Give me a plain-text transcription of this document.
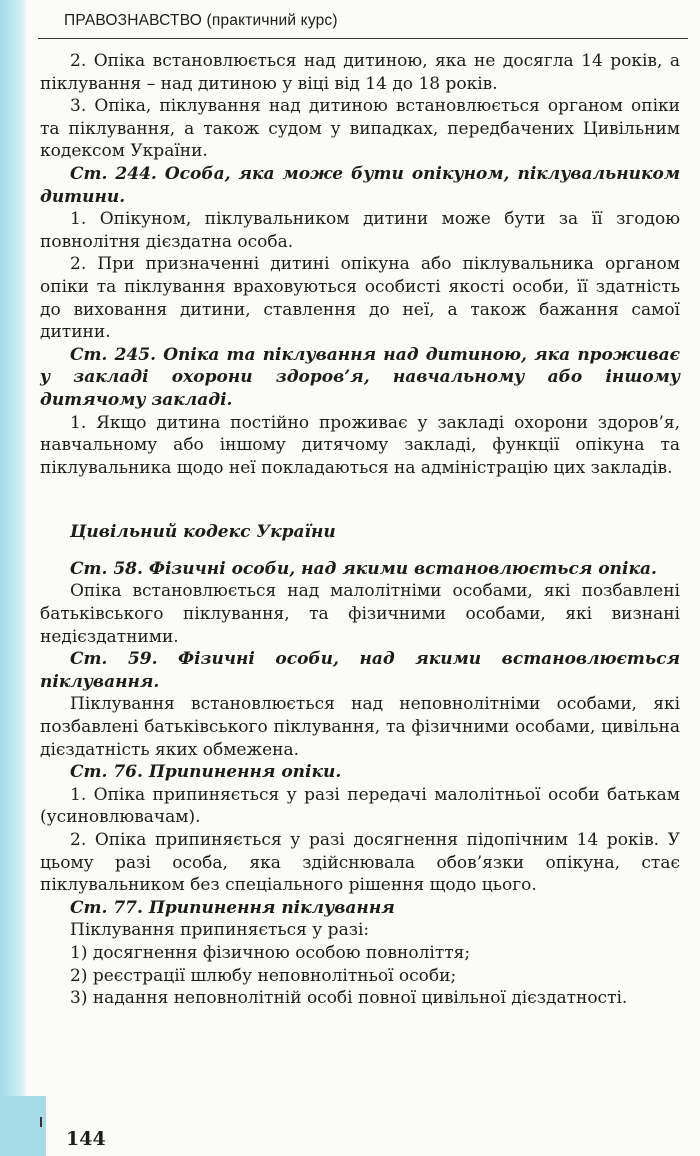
ПРАВОЗНАВСТВО (практичний курс)

2. Опіка встановлюється над дитиною, яка не досягла 14 років, а піклування – над дитиною у віці від 14 до 18 років.

3. Опіка, піклування над дитиною встановлюється органом опіки та піклування, а також судом у випадках, передбачених Цивільним кодексом України.

Ст. 244. Особа, яка може бути опікуном, піклувальником дитини.

1. Опікуном, піклувальником дитини може бути за її згодою повнолітня дієздатна особа.

2. При призначенні дитині опікуна або піклувальника органом опіки та піклування враховуються особисті якості особи, її здатність до виховання дитини, ставлення до неї, а також бажання самої дитини.

Ст. 245. Опіка та піклування над дитиною, яка проживає у закладі охорони здоров’я, навчальному або іншому дитячому закладі.

1. Якщо дитина постійно проживає у закладі охорони здоров’я, навчальному або іншому дитячому закладі, функції опікуна та піклувальника щодо неї покладаються на адміністрацію цих закладів.

Цивільний кодекс України

Ст. 58. Фізичні особи, над якими встановлюється опіка.

Опіка встановлюється над малолітніми особами, які позбавлені батьківського піклування, та фізичними особами, які визнані недієздатними.

Ст. 59. Фізичні особи, над якими встановлюється піклування.

Піклування встановлюється над неповнолітніми особами, які позбавлені батьківського піклування, та фізичними особами, цивільна дієздатність яких обмежена.

Ст. 76. Припинення опіки.

1. Опіка припиняється у разі передачі малолітньої особи батькам (усиновлювачам).

2. Опіка припиняється у разі досягнення підопічним 14 років. У цьому разі особа, яка здійснювала обов’язки опікуна, стає піклувальником без спеціального рішення щодо цього.

Ст. 77. Припинення піклування

Піклування припиняється у разі:

1) досягнення фізичною особою повноліття;

2) реєстрації шлюбу неповнолітньої особи;

3) надання неповнолітній особі повної цивільної дієздатності.

144
